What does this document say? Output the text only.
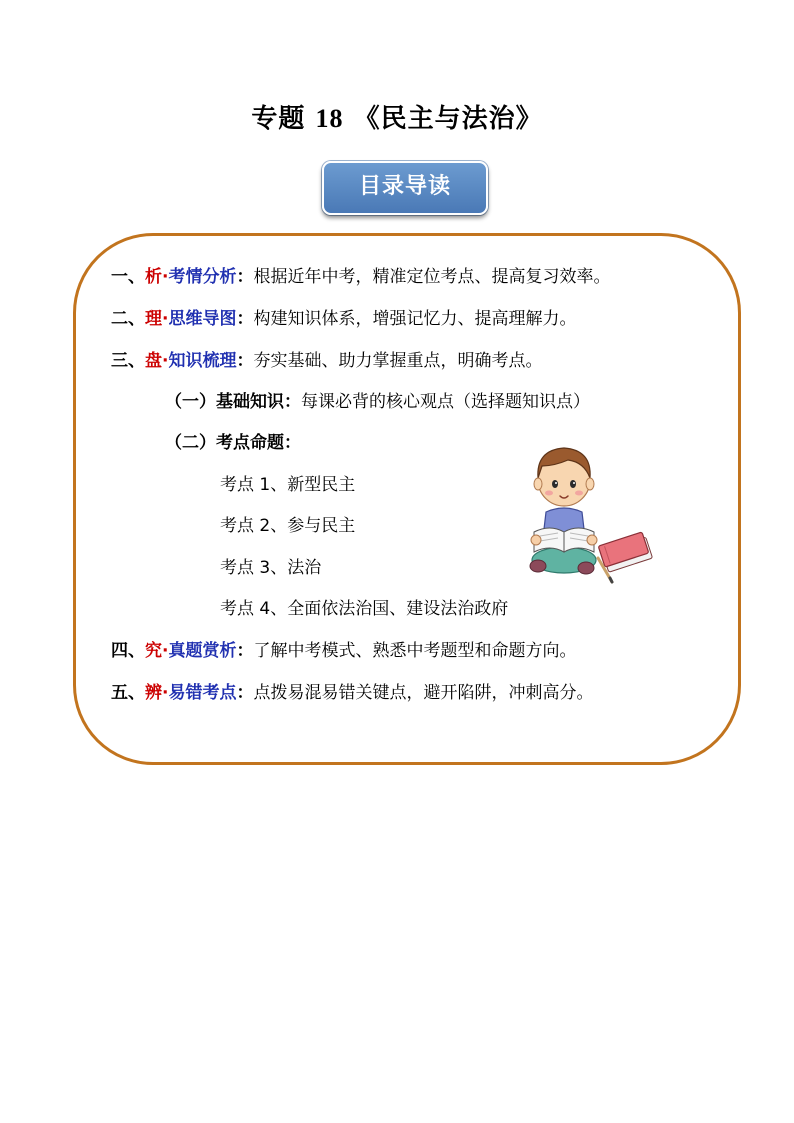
专题 18 《民主与法治》
目录导读
一、析·考情分析：根据近年中考，精准定位考点、提高复习效率。
二、理·思维导图：构建知识体系，增强记忆力、提高理解力。
三、盘·知识梳理：夯实基础、助力掌握重点，明确考点。
（一）基础知识：每课必背的核心观点（选择题知识点）
（二）考点命题：
考点 1、新型民主
考点 2、参与民主
考点 3、法治
考点 4、全面依法治国、建设法治政府
四、究·真题赏析：了解中考模式、熟悉中考题型和命题方向。
五、辨·易错考点：点拨易混易错关键点，避开陷阱，冲刺高分。
